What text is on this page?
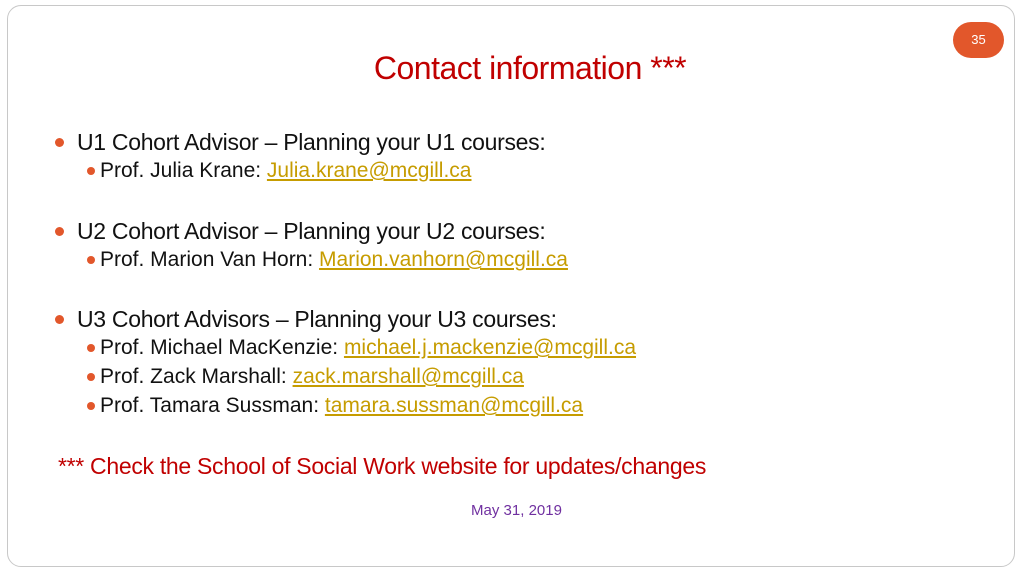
35
Contact information ***
U1 Cohort Advisor – Planning your U1 courses:
Prof. Julia Krane: Julia.krane@mcgill.ca
U2 Cohort Advisor – Planning your U2 courses:
Prof. Marion Van Horn: Marion.vanhorn@mcgill.ca
U3 Cohort Advisors – Planning your U3 courses:
Prof. Michael MacKenzie: michael.j.mackenzie@mcgill.ca
Prof. Zack Marshall: zack.marshall@mcgill.ca
Prof. Tamara Sussman: tamara.sussman@mcgill.ca
*** Check the School of Social Work website for updates/changes
May 31, 2019
